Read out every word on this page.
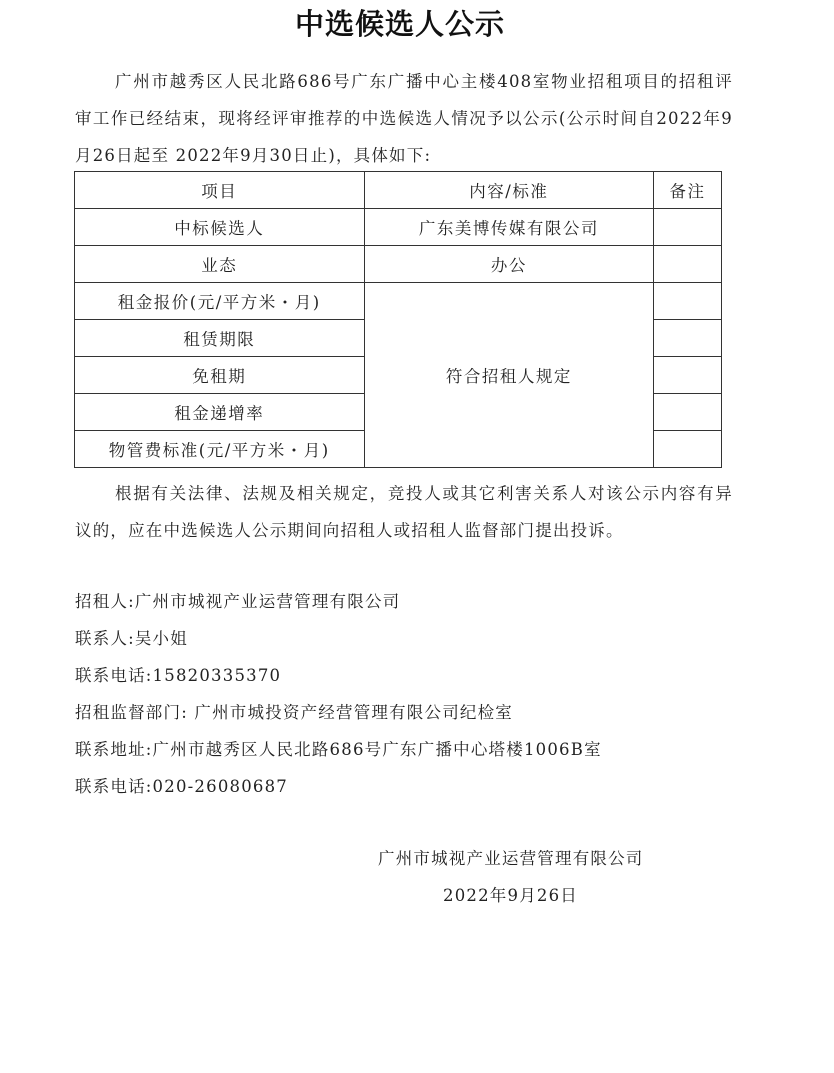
中选候选人公示
广州市越秀区人民北路686号广东广播中心主楼408室物业招租项目的招租评审工作已经结束，现将经评审推荐的中选候选人情况予以公示(公示时间自2022年9月26日起至 2022年9月30日止)，具体如下:
项目	内容/标准	备注
中标候选人	广东美博传媒有限公司	
业态	办公	
租金报价(元/平方米・月)	符合招租人规定	
租赁期限		
免租期		
租金递增率		
物管费标准(元/平方米・月)		
根据有关法律、法规及相关规定，竞投人或其它利害关系人对该公示内容有异议的，应在中选候选人公示期间向招租人或招租人监督部门提出投诉。
招租人:广州市城视产业运营管理有限公司
联系人:吴小姐
联系电话:15820335370
招租监督部门: 广州市城投资产经营管理有限公司纪检室
联系地址:广州市越秀区人民北路686号广东广播中心塔楼1006B室
联系电话:020-26080687
广州市城视产业运营管理有限公司
2022年9月26日
